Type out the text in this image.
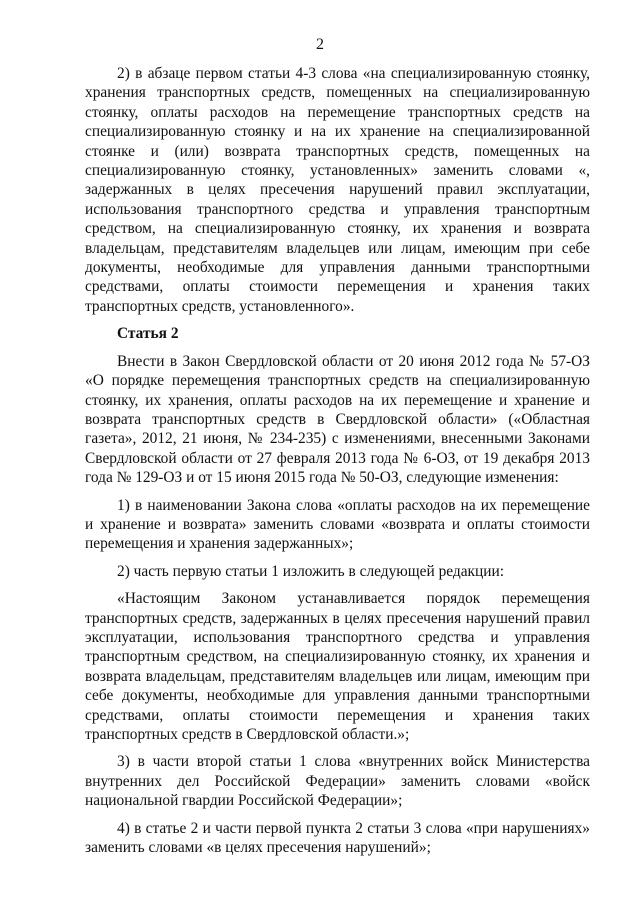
2

2) в абзаце первом статьи 4-3 слова «на специализированную стоянку, хранения транспортных средств, помещенных на специализированную стоянку, оплаты расходов на перемещение транспортных средств на специализированную стоянку и на их хранение на специализированной стоянке и (или) возврата транспортных средств, помещенных на специализированную стоянку, установленных» заменить словами «, задержанных в целях пресечения нарушений правил эксплуатации, использования транспортного средства и управления транспортным средством, на специализированную стоянку, их хранения и возврата владельцам, представителям владельцев или лицам, имеющим при себе документы, необходимые для управления данными транспортными средствами, оплаты стоимости перемещения и хранения таких транспортных средств, установленного».

Статья 2

Внести в Закон Свердловской области от 20 июня 2012 года № 57-ОЗ «О порядке перемещения транспортных средств на специализированную стоянку, их хранения, оплаты расходов на их перемещение и хранение и возврата транспортных средств в Свердловской области» («Областная газета», 2012, 21 июня, № 234-235) с изменениями, внесенными Законами Свердловской области от 27 февраля 2013 года № 6-ОЗ, от 19 декабря 2013 года № 129-ОЗ и от 15 июня 2015 года № 50-ОЗ, следующие изменения:

1) в наименовании Закона слова «оплаты расходов на их перемещение и хранение и возврата» заменить словами «возврата и оплаты стоимости перемещения и хранения задержанных»;

2) часть первую статьи 1 изложить в следующей редакции:

«Настоящим Законом устанавливается порядок перемещения транспортных средств, задержанных в целях пресечения нарушений правил эксплуатации, использования транспортного средства и управления транспортным средством, на специализированную стоянку, их хранения и возврата владельцам, представителям владельцев или лицам, имеющим при себе документы, необходимые для управления данными транспортными средствами, оплаты стоимости перемещения и хранения таких транспортных средств в Свердловской области.»;

3) в части второй статьи 1 слова «внутренних войск Министерства внутренних дел Российской Федерации» заменить словами «войск национальной гвардии Российской Федерации»;

4) в статье 2 и части первой пункта 2 статьи 3 слова «при нарушениях» заменить словами «в целях пресечения нарушений»;
